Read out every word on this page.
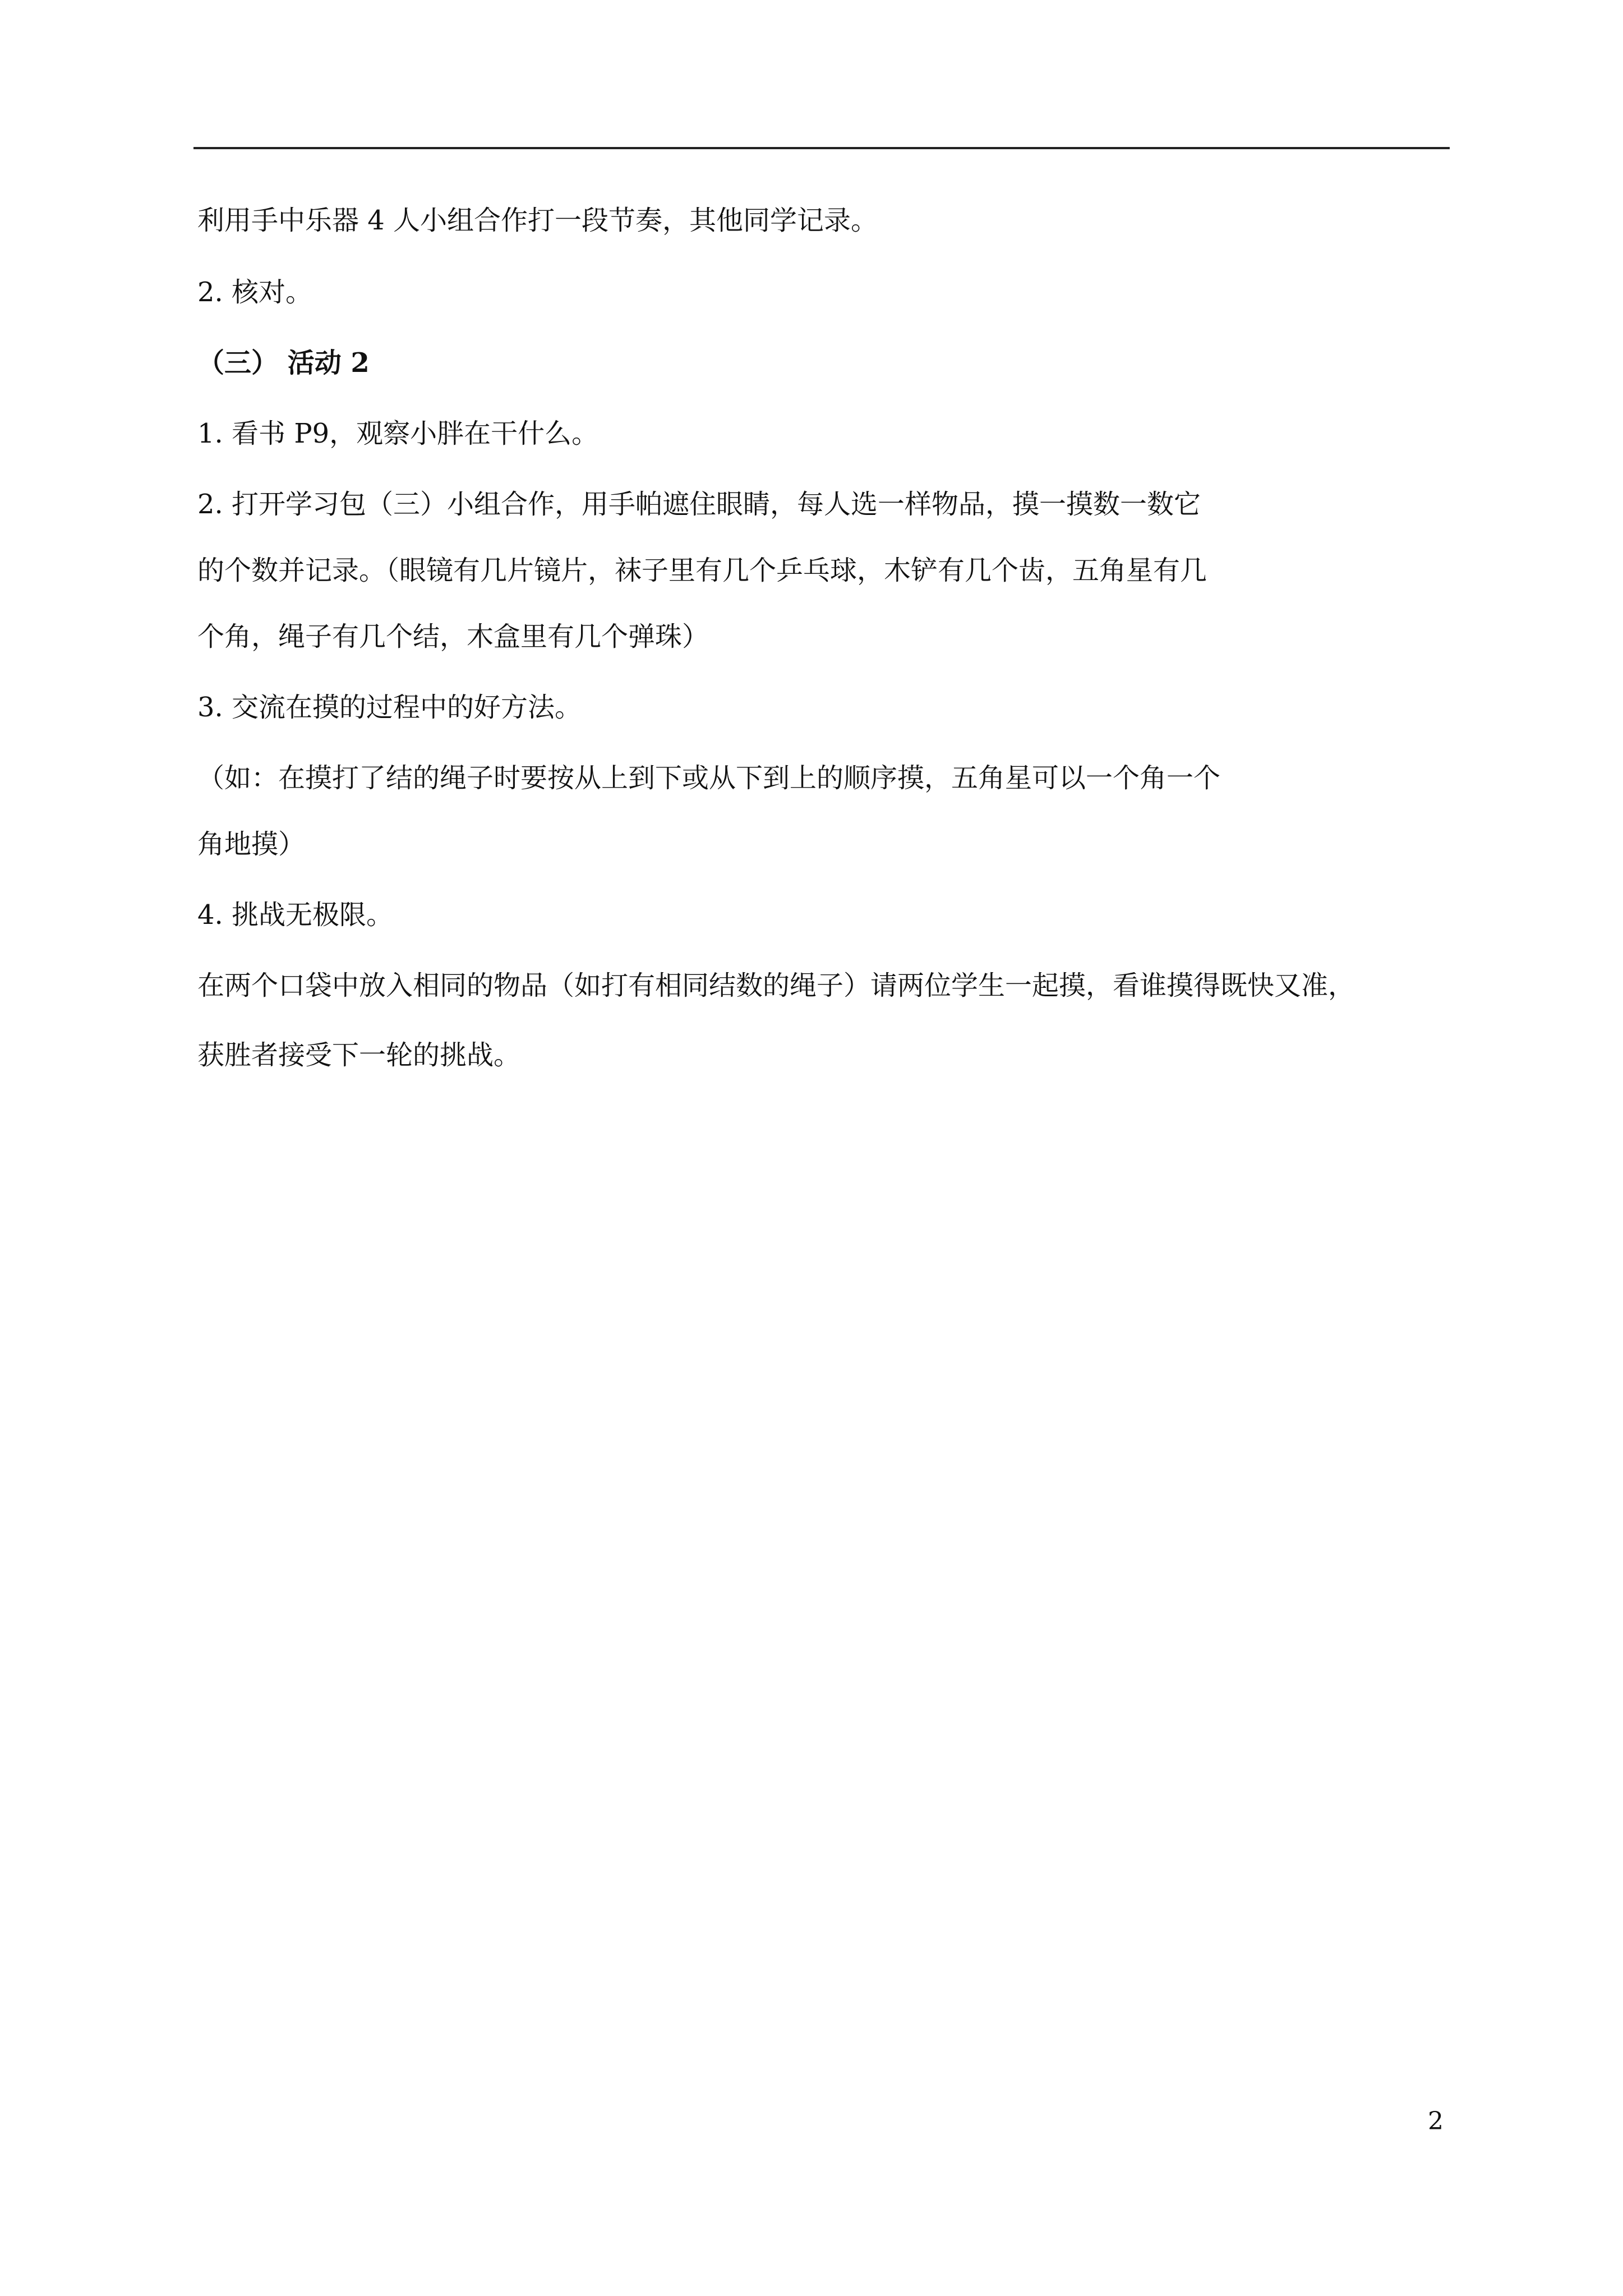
利用手中乐器 4 人小组合作打一段节奏，其他同学记录。

2. 核对。

（三） 活动 2

1. 看书 P9，观察小胖在干什么。

2. 打开学习包（三）小组合作，用手帕遮住眼睛，每人选一样物品，摸一摸数一数它

的个数并记录。（眼镜有几片镜片，袜子里有几个乒乓球，木铲有几个齿，五角星有几

个角，绳子有几个结，木盒里有几个弹珠）

3. 交流在摸的过程中的好方法。

（如：在摸打了结的绳子时要按从上到下或从下到上的顺序摸，五角星可以一个角一个

角地摸）

4. 挑战无极限。

在两个口袋中放入相同的物品（如打有相同结数的绳子）请两位学生一起摸，看谁摸得既快又准，

获胜者接受下一轮的挑战。

2
